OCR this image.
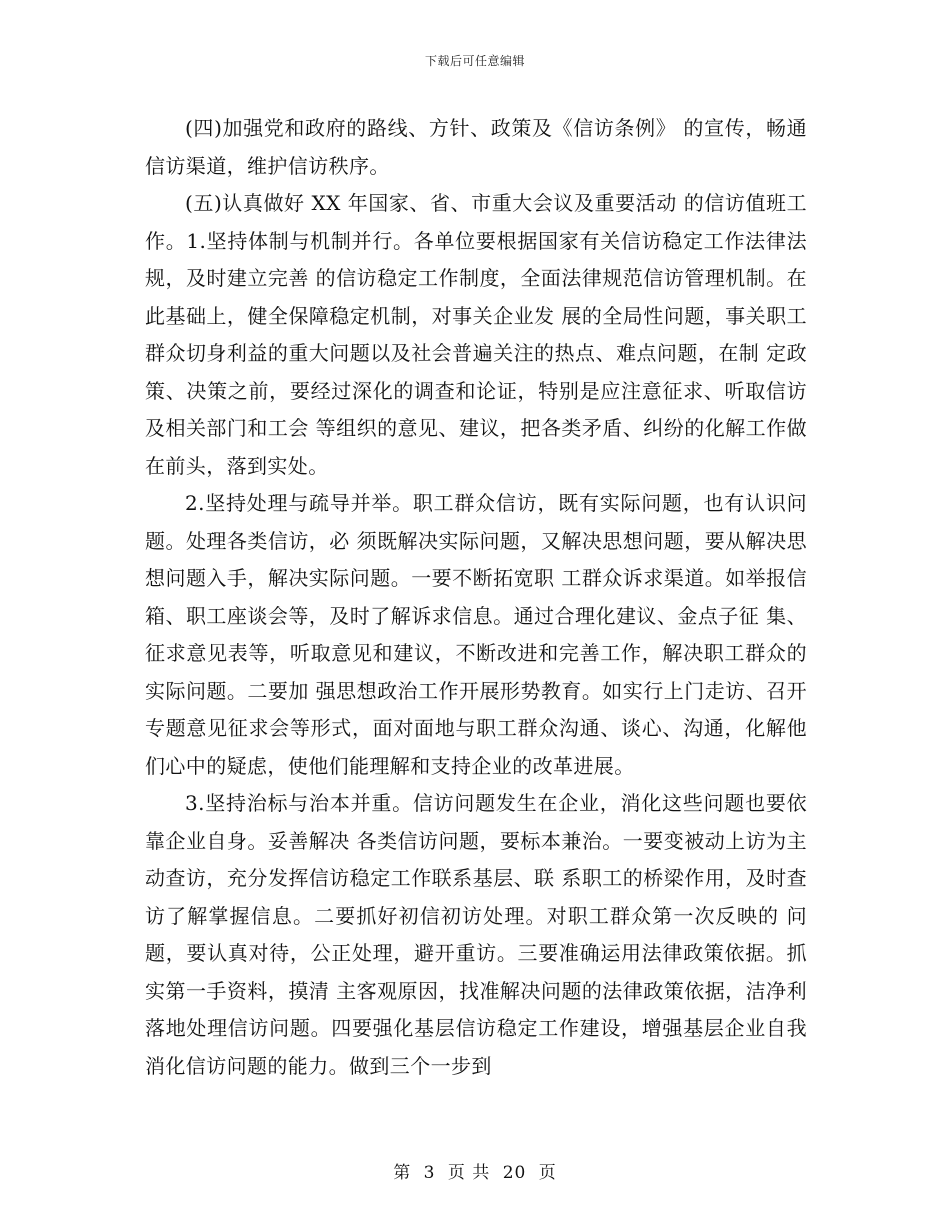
下载后可任意编辑

(四)加强党和政府的路线、方针、政策及《信访条例》 的宣传，畅通信访渠道，维护信访秩序。

(五)认真做好 XX 年国家、省、市重大会议及重要活动 的信访值班工作。1.坚持体制与机制并行。各单位要根据国家有关信访稳定工作法律法规，及时建立完善 的信访稳定工作制度，全面法律规范信访管理机制。在此基础上，健全保障稳定机制，对事关企业发 展的全局性问题，事关职工群众切身利益的重大问题以及社会普遍关注的热点、难点问题，在制 定政策、决策之前，要经过深化的调查和论证，特别是应注意征求、听取信访及相关部门和工会 等组织的意见、建议，把各类矛盾、纠纷的化解工作做在前头，落到实处。

2.坚持处理与疏导并举。职工群众信访，既有实际问题，也有认识问题。处理各类信访，必 须既解决实际问题，又解决思想问题，要从解决思想问题入手，解决实际问题。一要不断拓宽职 工群众诉求渠道。如举报信箱、职工座谈会等，及时了解诉求信息。通过合理化建议、金点子征 集、征求意见表等，听取意见和建议，不断改进和完善工作，解决职工群众的实际问题。二要加 强思想政治工作开展形势教育。如实行上门走访、召开专题意见征求会等形式，面对面地与职工群众沟通、谈心、沟通，化解他们心中的疑虑，使他们能理解和支持企业的改革进展。

3.坚持治标与治本并重。信访问题发生在企业，消化这些问题也要依靠企业自身。妥善解决 各类信访问题，要标本兼治。一要变被动上访为主动查访，充分发挥信访稳定工作联系基层、联 系职工的桥梁作用，及时查访了解掌握信息。二要抓好初信初访处理。对职工群众第一次反映的 问题，要认真对待，公正处理，避开重访。三要准确运用法律政策依据。抓实第一手资料，摸清 主客观原因，找准解决问题的法律政策依据，洁净利落地处理信访问题。四要强化基层信访稳定工作建设，增强基层企业自我消化信访问题的能力。做到三个一步到

第 3 页 共 20 页
